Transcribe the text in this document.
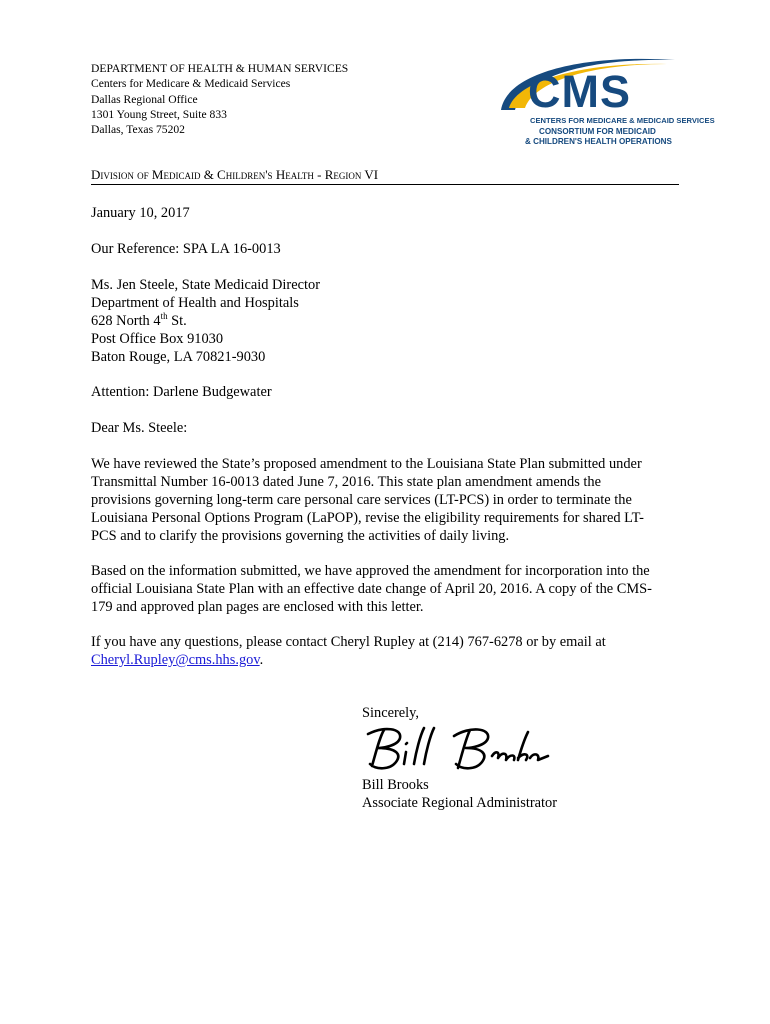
DEPARTMENT OF HEALTH & HUMAN SERVICES
Centers for Medicare & Medicaid Services
Dallas Regional Office
1301 Young Street, Suite 833
Dallas, Texas 75202
CMS
CENTERS FOR MEDICARE & MEDICAID SERVICES
CONSORTIUM FOR MEDICAID
& CHILDREN'S HEALTH OPERATIONS
Division of Medicaid & Children's Health - Region VI

January 10, 2017

Our Reference: SPA LA 16-0013

Ms. Jen Steele, State Medicaid Director
Department of Health and Hospitals
628 North 4th St.
Post Office Box 91030
Baton Rouge, LA 70821-9030

Attention: Darlene Budgewater

Dear Ms. Steele:

We have reviewed the State’s proposed amendment to the Louisiana State Plan submitted under
Transmittal Number 16-0013 dated June 7, 2016. This state plan amendment amends the
provisions governing long-term care personal care services (LT-PCS) in order to terminate the
Louisiana Personal Options Program (LaPOP), revise the eligibility requirements for shared LT-
PCS and to clarify the provisions governing the activities of daily living.
Based on the information submitted, we have approved the amendment for incorporation into the
official Louisiana State Plan with an effective date change of April 20, 2016. A copy of the CMS-
179 and approved plan pages are enclosed with this letter.
If you have any questions, please contact Cheryl Rupley at (214) 767-6278 or by email at
Cheryl.Rupley@cms.hhs.gov.
Sincerely,
Bill Brooks
Associate Regional Administrator
